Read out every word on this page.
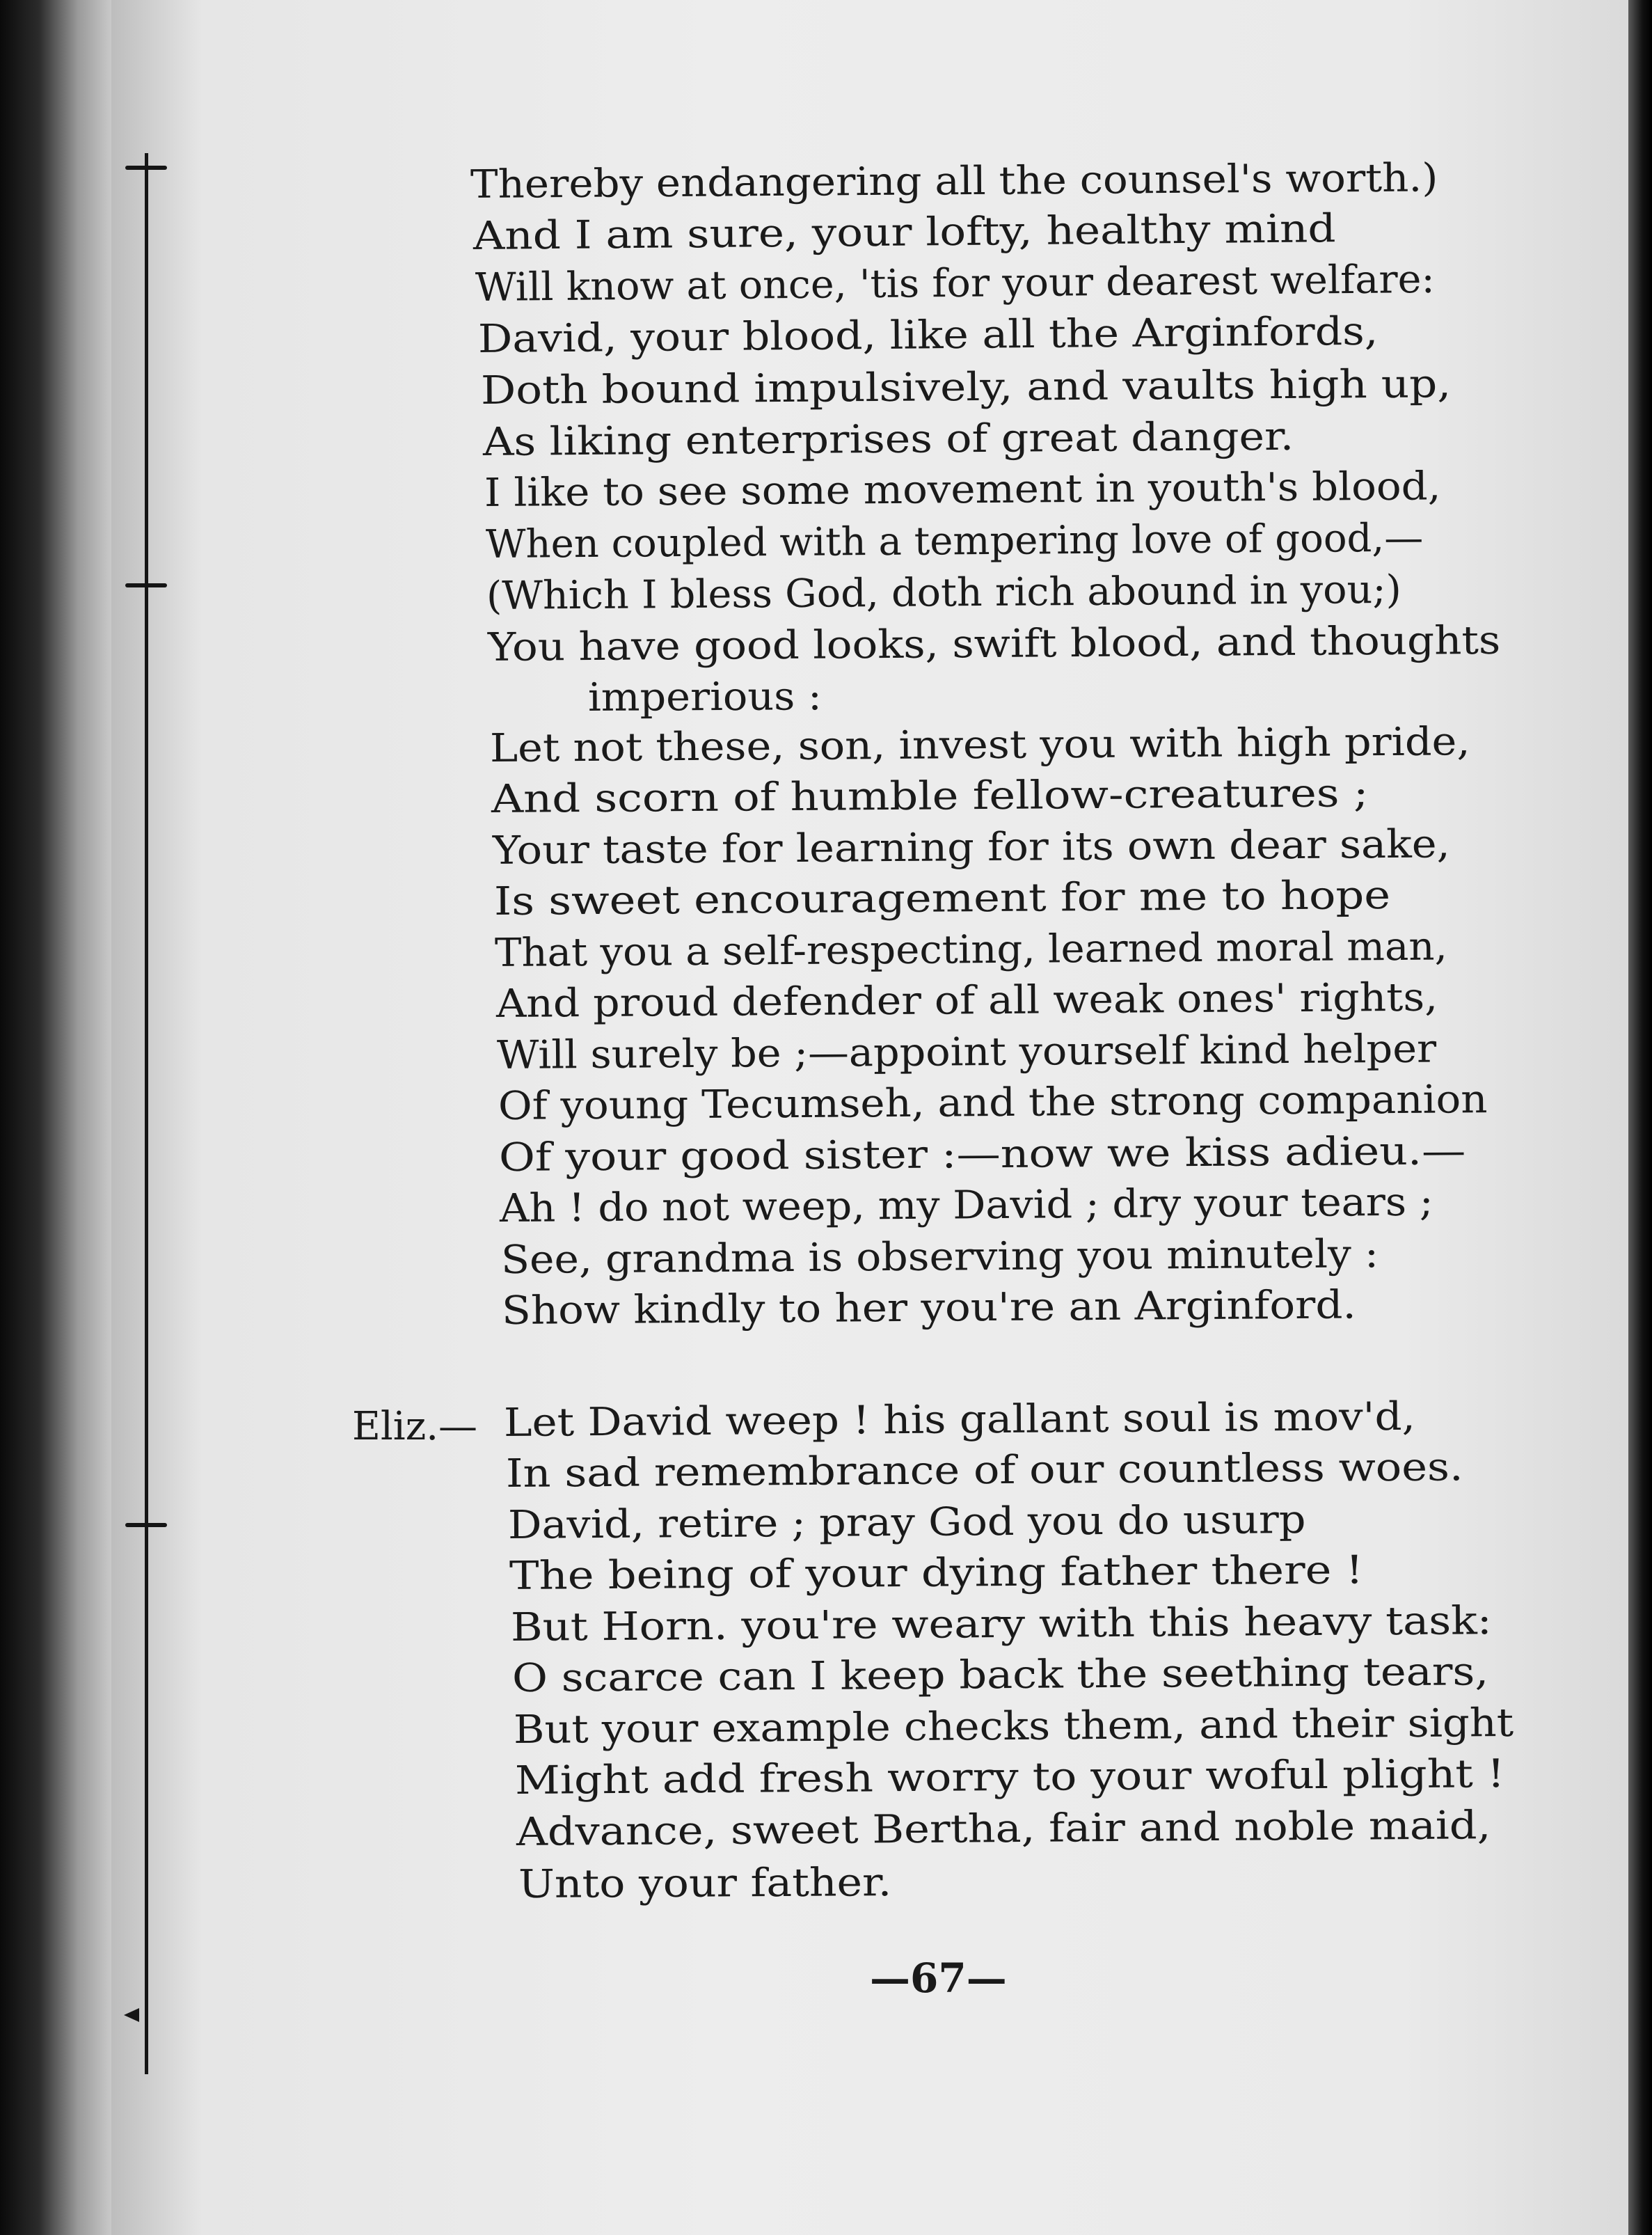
Thereby endangering all the counsel's worth.)
And I am sure, your lofty, healthy mind
Will know at once, 'tis for your dearest welfare:
David, your blood, like all the Arginfords,
Doth bound impulsively, and vaults high up,
As liking enterprises of great danger.
I like to see some movement in youth's blood,
When coupled with a tempering love of good,—
(Which I bless God, doth rich abound in you;)
You have good looks, swift blood, and thoughts
imperious :
Let not these, son, invest you with high pride,
And scorn of humble fellow-creatures ;
Your taste for learning for its own dear sake,
Is sweet encouragement for me to hope
That you a self-respecting, learned moral man,
And proud defender of all weak ones' rights,
Will surely be ;—appoint yourself kind helper
Of young Tecumseh, and the strong companion
Of your good sister :—now we kiss adieu.—
Ah ! do not weep, my David ; dry your tears ;
See, grandma is observing you minutely :
Show kindly to her you're an Arginford.
Eliz.— Let David weep ! his gallant soul is mov'd,
In sad remembrance of our countless woes.
David, retire ; pray God you do usurp
The being of your dying father there !
But Horn. you're weary with this heavy task:
O scarce can I keep back the seething tears,
But your example checks them, and their sight
Might add fresh worry to your woful plight !
Advance, sweet Bertha, fair and noble maid,
Unto your father.
—67—
